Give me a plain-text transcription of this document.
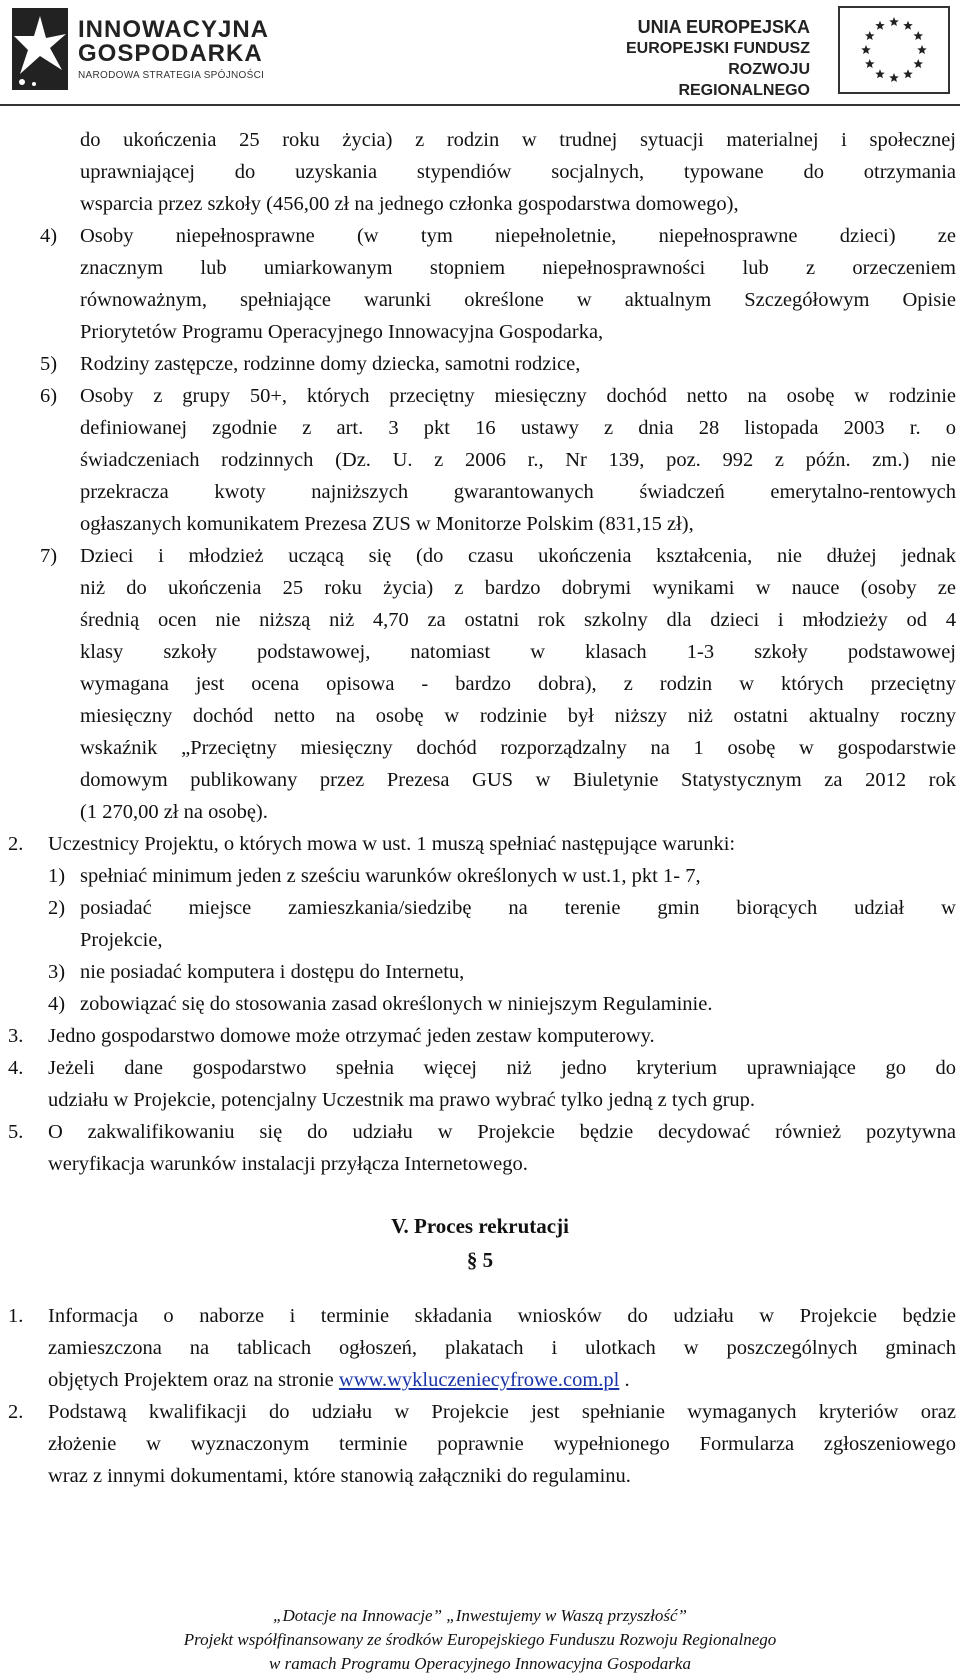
INNOWACYJNA
GOSPODARKA
NARODOWA STRATEGIA SPÓJNOŚCI
UNIA EUROPEJSKA
EUROPEJSKI FUNDUSZ
ROZWOJU REGIONALNEGO
do ukończenia 25 roku życia) z rodzin w trudnej sytuacji materialnej i społecznej
uprawniającej do uzyskania stypendiów socjalnych, typowane do otrzymania
wsparcia przez szkoły (456,00 zł na jednego członka gospodarstwa domowego),
4) Osoby niepełnosprawne (w tym niepełnoletnie, niepełnosprawne dzieci) ze
znacznym lub umiarkowanym stopniem niepełnosprawności lub z orzeczeniem
równoważnym, spełniające warunki określone w aktualnym Szczegółowym Opisie
Priorytetów Programu Operacyjnego Innowacyjna Gospodarka,
5) Rodziny zastępcze, rodzinne domy dziecka, samotni rodzice,
6) Osoby z grupy 50+, których przeciętny miesięczny dochód netto na osobę w rodzinie
definiowanej zgodnie z art. 3 pkt 16 ustawy z dnia 28 listopada 2003 r. o
świadczeniach rodzinnych (Dz. U. z 2006 r., Nr 139, poz. 992 z późn. zm.) nie
przekracza kwoty najniższych gwarantowanych świadczeń emerytalno-rentowych
ogłaszanych komunikatem Prezesa ZUS w Monitorze Polskim (831,15 zł),
7) Dzieci i młodzież uczącą się (do czasu ukończenia kształcenia, nie dłużej jednak
niż do ukończenia 25 roku życia) z bardzo dobrymi wynikami w nauce (osoby ze
średnią ocen nie niższą niż 4,70 za ostatni rok szkolny dla dzieci i młodzieży od 4
klasy szkoły podstawowej, natomiast w klasach 1-3 szkoły podstawowej
wymagana jest ocena opisowa - bardzo dobra), z rodzin w których przeciętny
miesięczny dochód netto na osobę w rodzinie był niższy niż ostatni aktualny roczny
wskaźnik „Przeciętny miesięczny dochód rozporządzalny na 1 osobę w gospodarstwie
domowym publikowany przez Prezesa GUS w Biuletynie Statystycznym za 2012 rok
(1 270,00 zł na osobę).
2. Uczestnicy Projektu, o których mowa w ust. 1 muszą spełniać następujące warunki:
1) spełniać minimum jeden z sześciu warunków określonych w ust.1, pkt 1- 7,
2) posiadać miejsce zamieszkania/siedzibę na terenie gmin biorących udział w
Projekcie,
3) nie posiadać komputera i dostępu do Internetu,
4) zobowiązać się do stosowania zasad określonych w niniejszym Regulaminie.
3. Jedno gospodarstwo domowe może otrzymać jeden zestaw komputerowy.
4. Jeżeli dane gospodarstwo spełnia więcej niż jedno kryterium uprawniające go do
udziału w Projekcie, potencjalny Uczestnik ma prawo wybrać tylko jedną z tych grup.
5. O zakwalifikowaniu się do udziału w Projekcie będzie decydować również pozytywna
weryfikacja warunków instalacji przyłącza Internetowego.
V. Proces rekrutacji
§ 5
1. Informacja o naborze i terminie składania wniosków do udziału w Projekcie będzie
zamieszczona na tablicach ogłoszeń, plakatach i ulotkach w poszczególnych gminach
objętych Projektem oraz na stronie www.wykluczeniecyfrowe.com.pl .
2. Podstawą kwalifikacji do udziału w Projekcie jest spełnianie wymaganych kryteriów oraz
złożenie w wyznaczonym terminie poprawnie wypełnionego Formularza zgłoszeniowego
wraz z innymi dokumentami, które stanowią załączniki do regulaminu.
„Dotacje na Innowacje” „Inwestujemy w Waszą przyszłość”
Projekt współfinansowany ze środków Europejskiego Funduszu Rozwoju Regionalnego
w ramach Programu Operacyjnego Innowacyjna Gospodarka
